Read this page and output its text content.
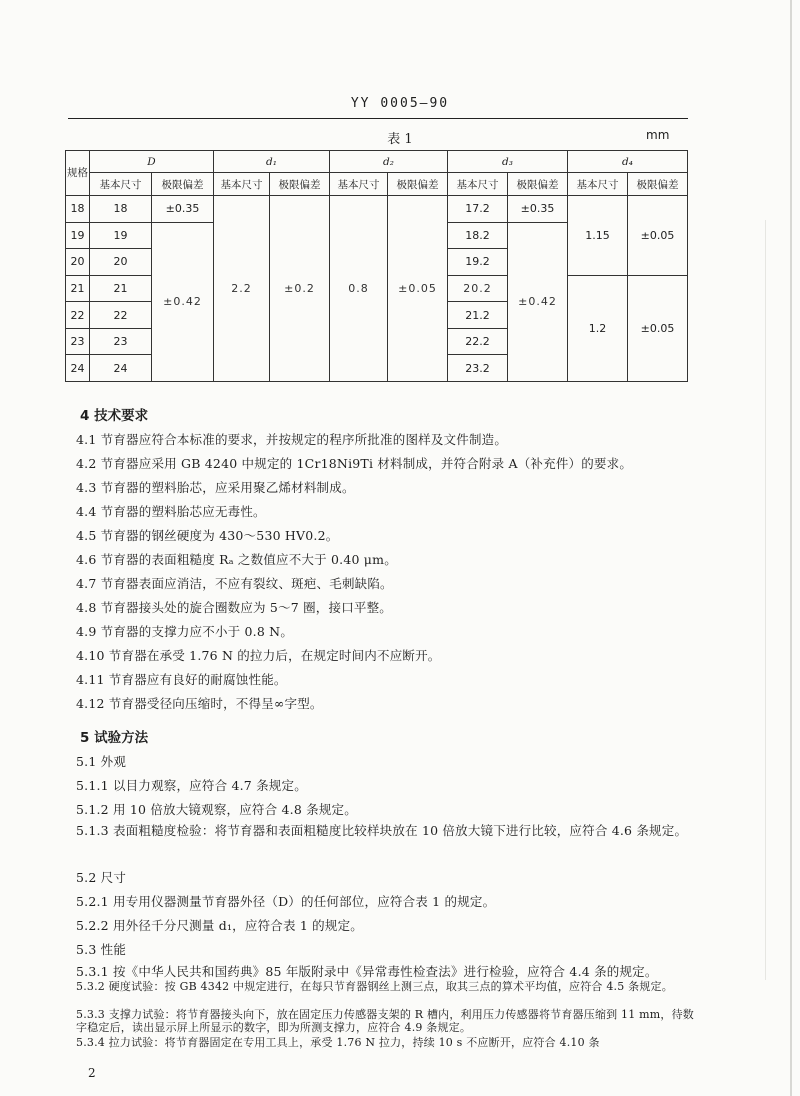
YY 0005—90
表 1	mm
规格	D		d₁		d₂		d₃		d₄	
	基本尺寸	极限偏差	基本尺寸	极限偏差	基本尺寸	极限偏差	基本尺寸	极限偏差	基本尺寸	极限偏差
18	18	±0.35	2.2	±0.2	0.8	±0.05	17.2	±0.35	1.15	±0.05
19	19	±0.42					18.2	±0.42		
20	20						19.2			
21	21						20.2		1.2	±0.05
22	22						21.2			
23	23						22.2			
24	24						23.2			
4 技术要求
4.1 节育器应符合本标准的要求，并按规定的程序所批准的图样及文件制造。
4.2 节育器应采用 GB 4240 中规定的 1Cr18Ni9Ti 材料制成，并符合附录 A（补充件）的要求。
4.3 节育器的塑料胎芯，应采用聚乙烯材料制成。
4.4 节育器的塑料胎芯应无毒性。
4.5 节育器的钢丝硬度为 430～530 HV0.2。
4.6 节育器的表面粗糙度 Rₐ 之数值应不大于 0.40 μm。
4.7 节育器表面应消洁，不应有裂纹、斑疤、毛刺缺陷。
4.8 节育器接头处的旋合圈数应为 5～7 圈，接口平整。
4.9 节育器的支撑力应不小于 0.8 N。
4.10 节育器在承受 1.76 N 的拉力后，在规定时间内不应断开。
4.11 节育器应有良好的耐腐蚀性能。
4.12 节育器受径向压缩时，不得呈∞字型。
5 试验方法
5.1 外观
5.1.1 以目力观察，应符合 4.7 条规定。
5.1.2 用 10 倍放大镜观察，应符合 4.8 条规定。
5.1.3 表面粗糙度检验：将节育器和表面粗糙度比较样块放在 10 倍放大镜下进行比较，应符合 4.6 条规定。
5.2 尺寸
5.2.1 用专用仪器测量节育器外径（D）的任何部位，应符合表 1 的规定。
5.2.2 用外径千分尺测量 d₁，应符合表 1 的规定。
5.3 性能
5.3.1 按《中华人民共和国药典》85 年版附录中《异常毒性检查法》进行检验，应符合 4.4 条的规定。
5.3.2 硬度试验：按 GB 4342 中规定进行，在每只节育器钢丝上测三点，取其三点的算术平均值，应符合 4.5 条规定。
5.3.3 支撑力试验：将节育器接头向下，放在固定压力传感器支架的 R 槽内，利用压力传感器将节育器压缩到 11 mm，待数字稳定后，读出显示屏上所显示的数字，即为所测支撑力，应符合 4.9 条规定。
2
5.3.4 拉力试验：将节育器固定在专用工具上，承受 1.76 N 拉力，持续 10 s 不应断开，应符合 4.10 条
